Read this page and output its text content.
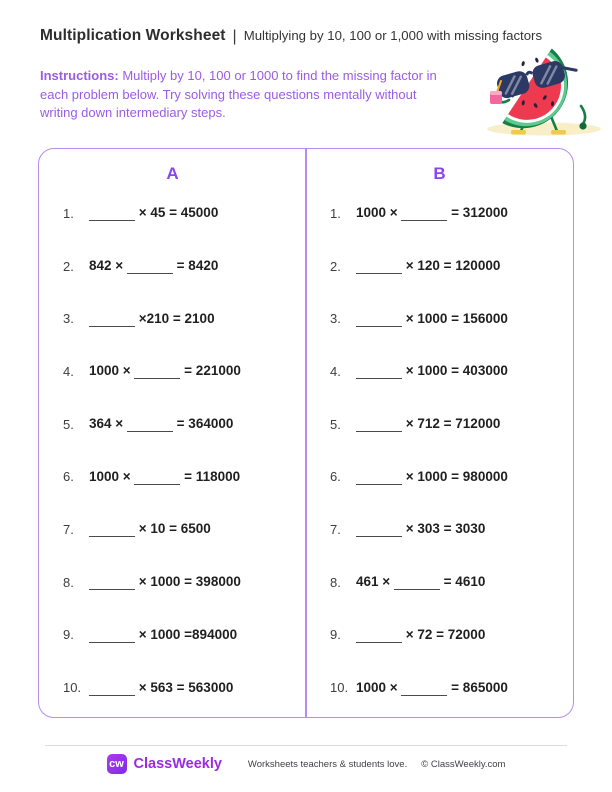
Multiplication Worksheet | Multiplying by 10, 100 or 1,000 with missing factors
Instructions: Multiply by 10, 100 or 1000 to find the missing factor in
each problem below. Try solving these questions mentally without
writing down intermediary steps.
A
1.	× 45 = 45000
2.	842 ×	= 8420
3.	×210 = 2100
4.	1000 ×	= 221000
5.	364 ×	= 364000
6.	1000 ×	= 118000
7.	× 10 = 6500
8.	× 1000 = 398000
9.	× 1000 =894000
10.	× 563 = 563000
B
1.	1000 ×	= 312000
2.	× 120 = 120000
3.	× 1000 = 156000
4.	× 1000 = 403000
5.	× 712 = 712000
6.	× 1000 = 980000
7.	× 303 = 3030
8.	461 ×	= 4610
9.	× 72 = 72000
10. 1000 ×	= 865000
cw ClassWeekly	Worksheets teachers & students love. © ClassWeekly.com
